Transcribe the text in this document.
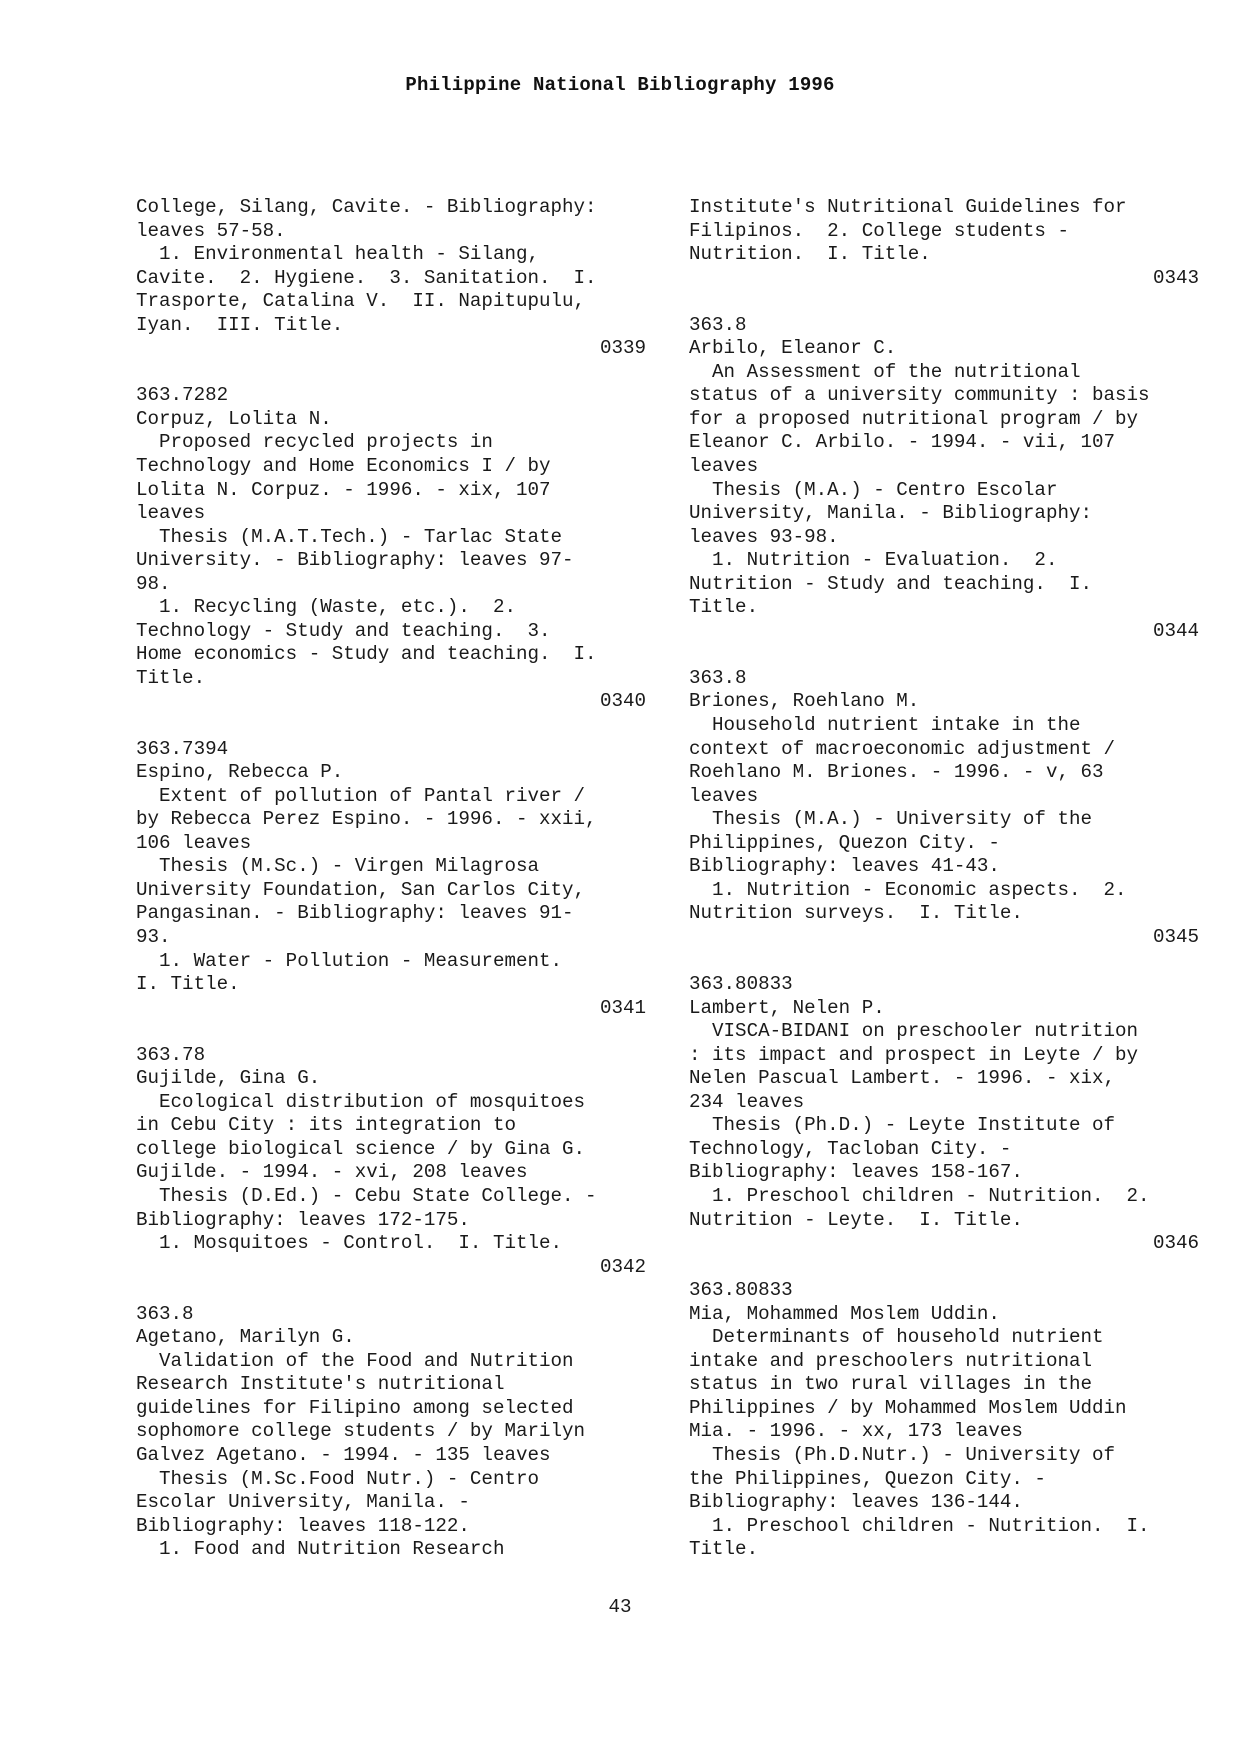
Philippine National Bibliography 1996
College, Silang, Cavite. - Bibliography:
leaves 57-58.
1. Environmental health - Silang,
Cavite.  2. Hygiene.  3. Sanitation.  I.
Trasporte, Catalina V.  II. Napitupulu,
Iyan.  III. Title.
0339

363.7282
Corpuz, Lolita N.
Proposed recycled projects in
Technology and Home Economics I / by
Lolita N. Corpuz. - 1996. - xix, 107
leaves
Thesis (M.A.T.Tech.) - Tarlac State
University. - Bibliography: leaves 97-
98.
1. Recycling (Waste, etc.).  2.
Technology - Study and teaching.  3.
Home economics - Study and teaching.  I.
Title.
0340

363.7394
Espino, Rebecca P.
Extent of pollution of Pantal river /
by Rebecca Perez Espino. - 1996. - xxii,
106 leaves
Thesis (M.Sc.) - Virgen Milagrosa
University Foundation, San Carlos City,
Pangasinan. - Bibliography: leaves 91-
93.
1. Water - Pollution - Measurement.
I. Title.
0341

363.78
Gujilde, Gina G.
Ecological distribution of mosquitoes
in Cebu City : its integration to
college biological science / by Gina G.
Gujilde. - 1994. - xvi, 208 leaves
Thesis (D.Ed.) - Cebu State College. -
Bibliography: leaves 172-175.
1. Mosquitoes - Control.  I. Title.
0342

363.8
Agetano, Marilyn G.
Validation of the Food and Nutrition
Research Institute's nutritional
guidelines for Filipino among selected
sophomore college students / by Marilyn
Galvez Agetano. - 1994. - 135 leaves
Thesis (M.Sc.Food Nutr.) - Centro
Escolar University, Manila. -
Bibliography: leaves 118-122.
1. Food and Nutrition Research
Institute's Nutritional Guidelines for
Filipinos.  2. College students -
Nutrition.  I. Title.
0343

363.8
Arbilo, Eleanor C.
An Assessment of the nutritional
status of a university community : basis
for a proposed nutritional program / by
Eleanor C. Arbilo. - 1994. - vii, 107
leaves
Thesis (M.A.) - Centro Escolar
University, Manila. - Bibliography:
leaves 93-98.
1. Nutrition - Evaluation.  2.
Nutrition - Study and teaching.  I.
Title.
0344

363.8
Briones, Roehlano M.
Household nutrient intake in the
context of macroeconomic adjustment /
Roehlano M. Briones. - 1996. - v, 63
leaves
Thesis (M.A.) - University of the
Philippines, Quezon City. -
Bibliography: leaves 41-43.
1. Nutrition - Economic aspects.  2.
Nutrition surveys.  I. Title.
0345

363.80833
Lambert, Nelen P.
VISCA-BIDANI on preschooler nutrition
: its impact and prospect in Leyte / by
Nelen Pascual Lambert. - 1996. - xix,
234 leaves
Thesis (Ph.D.) - Leyte Institute of
Technology, Tacloban City. -
Bibliography: leaves 158-167.
1. Preschool children - Nutrition.  2.
Nutrition - Leyte.  I. Title.
0346

363.80833
Mia, Mohammed Moslem Uddin.
Determinants of household nutrient
intake and preschoolers nutritional
status in two rural villages in the
Philippines / by Mohammed Moslem Uddin
Mia. - 1996. - xx, 173 leaves
Thesis (Ph.D.Nutr.) - University of
the Philippines, Quezon City. -
Bibliography: leaves 136-144.
1. Preschool children - Nutrition.  I.
Title.
43
